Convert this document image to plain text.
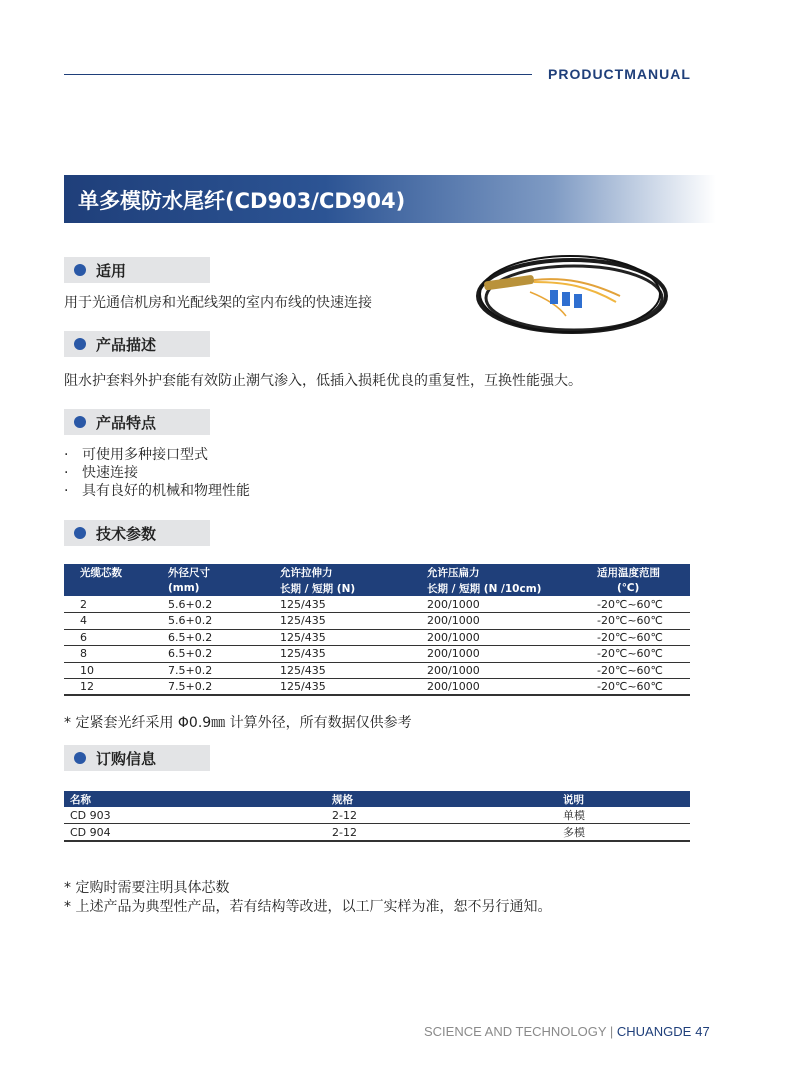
PRODUCTMANUAL
单多模防水尾纤(CD903/CD904)
适用
用于光通信机房和光配线架的室内布线的快速连接
产品描述
阻水护套料外护套能有效防止潮气渗入，低插入损耗优良的重复性，互换性能强大。
产品特点
· 可使用多种接口型式
· 快速连接
· 具有良好的机械和物理性能
技术参数
光缆芯数	外径尺寸	允许拉伸力	允许压扁力	适用温度范围
	(mm)	长期 / 短期 (N)	长期 / 短期 (N /10cm)	(℃)
2	5.6+0.2	125/435	200/1000	-20℃~60℃
4	5.6+0.2	125/435	200/1000	-20℃~60℃
6	6.5+0.2	125/435	200/1000	-20℃~60℃
8	6.5+0.2	125/435	200/1000	-20℃~60℃
10	7.5+0.2	125/435	200/1000	-20℃~60℃
12	7.5+0.2	125/435	200/1000	-20℃~60℃
* 定紧套光纤采用 Φ0.9㎜ 计算外径，所有数据仅供参考
订购信息
名称	规格	说明
CD 903	2-12	单模
CD 904	2-12	多模
* 定购时需要注明具体芯数
* 上述产品为典型性产品，若有结构等改进，以工厂实样为准，恕不另行通知。
SCIENCE AND TECHNOLOGY | CHUANGDE 47
